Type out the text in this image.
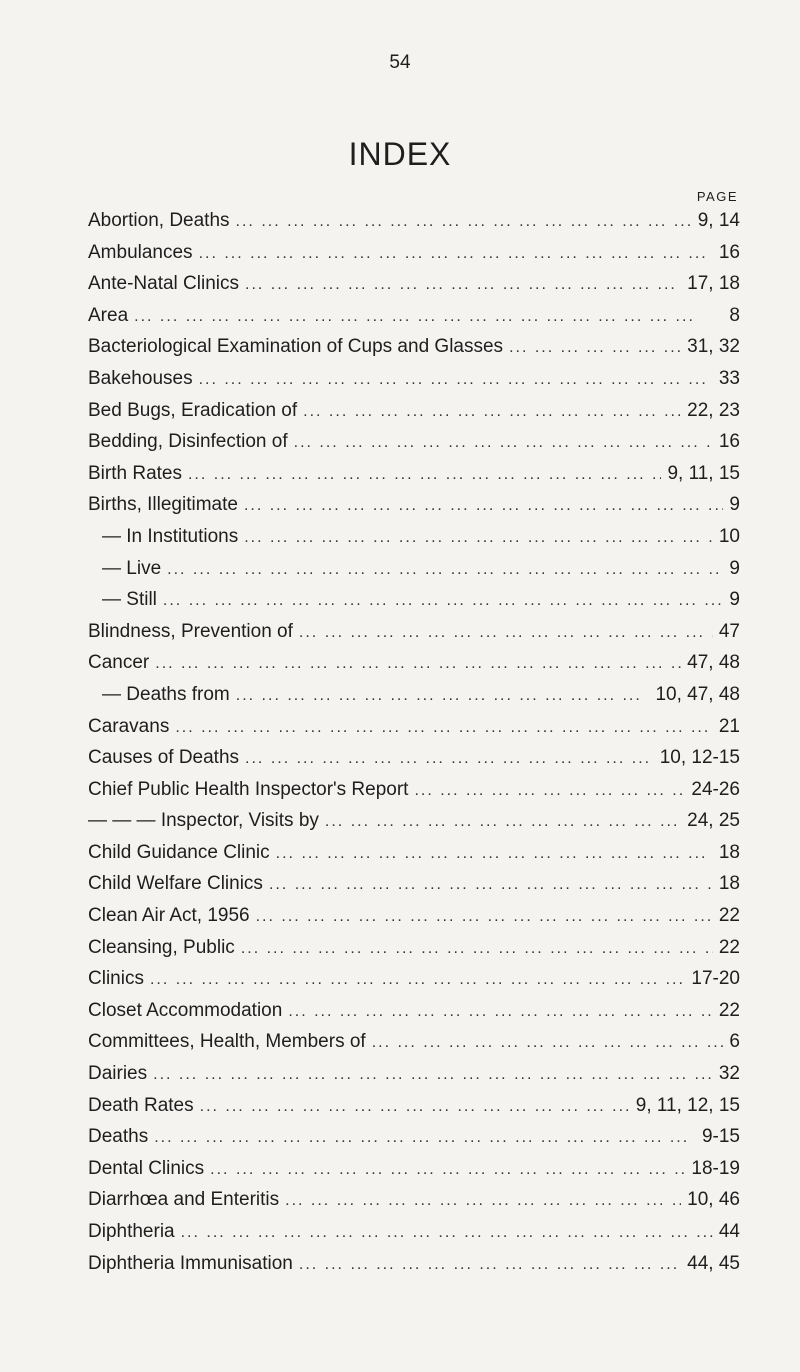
54
INDEX
PAGE
Abortion, Deaths ... .	9, 14
Ambulances ... .	16
Ante-Natal Clinics ... .	17, 18
Area ... .	8
Bacteriological Examination of Cups and Glasses ... .	31, 32
Bakehouses ... .	33
Bed Bugs, Eradication of ... .	22, 23
Bedding, Disinfection of ... .	16
Birth Rates ... .	9, 11, 15
Births, Illegitimate ... .	9
— In Institutions ... .	10
— Live ... .	9
— Still ... .	9
Blindness, Prevention of ... .	47
Cancer ... .	47, 48
— Deaths from ... .	10, 47, 48
Caravans ... .	21
Causes of Deaths ... .	10, 12-15
Chief Public Health Inspector's Report ... .	24-26
— — — Inspector, Visits by ... .	24, 25
Child Guidance Clinic ... .	18
Child Welfare Clinics ... .	18
Clean Air Act, 1956 ... .	22
Cleansing, Public ... .	22
Clinics ... .	17-20
Closet Accommodation ... .	22
Committees, Health, Members of ... .	6
Dairies ... .	32
Death Rates ... .	9, 11, 12, 15
Deaths ... .	9-15
Dental Clinics ... .	18-19
Diarrhœa and Enteritis ... .	10, 46
Diphtheria ... .	44
Diphtheria Immunisation ... .	44, 45
